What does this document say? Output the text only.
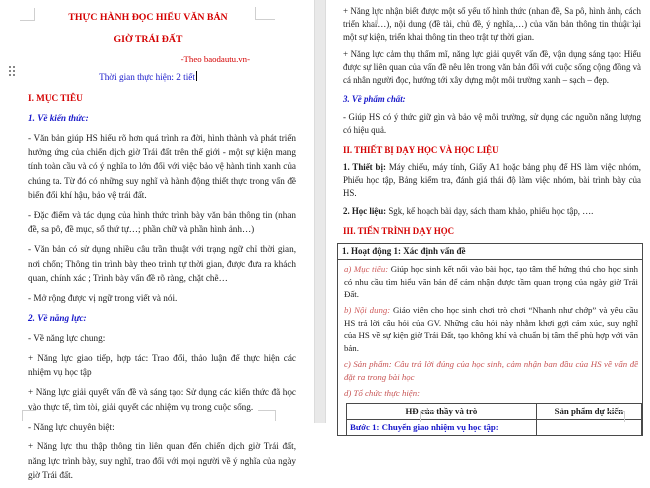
THỰC HÀNH ĐỌC HIỂU VĂN BẢN
GIỜ TRÁI ĐẤT
-Theo baodautu.vn-
Thời gian thực hiện: 2 tiết
I. MỤC TIÊU
1. Về kiến thức:

- Văn bản giúp HS hiểu rõ hơn quá trình ra đời, hình thành và phát triển hưởng ứng của chiến dịch giờ Trái đất trên thế giới - một sự kiện mang tính toàn cầu và có ý nghĩa to lớn đối với việc bảo vệ hành tinh xanh của chúng ta. Từ đó có những suy nghĩ và hành động thiết thực trong vấn đề biến đổi khí hậu, bảo vệ trái đất.

- Đặc điểm và tác dụng của hình thức trình bày văn bản thông tin (nhan đề, sa pô, đề mục, số thứ tự…; phần chữ và phần hình ảnh…)

- Văn bản có sử dụng nhiều câu trần thuật với trạng ngữ chỉ thời gian, nơi chốn; Thông tin trình bày theo trình tự thời gian, được đưa ra khách quan, chính xác ; Trình bày vấn đề rõ ràng, chặt chẽ…

- Mở rộng được vị ngữ trong viết và nói.

2. Về năng lực:

- Về năng lực chung:

+ Năng lực giao tiếp, hợp tác: Trao đổi, thảo luận để thực hiện các nhiệm vụ học tập

+ Năng lực giải quyết vấn đề và sáng tạo: Sử dụng các kiến thức đã học vào thực tế, tìm tòi, giải quyết các nhiệm vụ trong cuộc sống.

- Năng lực chuyên biệt:

+ Năng lực thu thập thông tin liên quan đến chiến dịch giờ Trái đất, năng lực trình bày, suy nghĩ, trao đổi với mọi người về ý nghĩa của ngày giờ Trái đất.

+ Năng lực nhận biết được một số yếu tố hình thức (nhan đề, Sa pô, hình ảnh, cách triển khai…), nội dung (đề tài, chủ đề, ý nghĩa,…) của văn bản thông tin thuật lại một sự kiện, triển khai thông tin theo trật tự thời gian.

+ Năng lực cảm thụ thẩm mĩ, năng lực giải quyết vấn đề, vận dụng sáng tạo: Hiểu được sự liên quan của vấn đề nêu lên trong văn bản đối với cuộc sống cộng đồng và cá nhân người đọc, hướng tới xây dựng một môi trường xanh – sạch – đẹp.

3. Về phẩm chất:

- Giúp HS có ý thức giữ gìn và bảo vệ môi trường, sử dụng các nguồn năng lượng có hiệu quả.

II. THIẾT BỊ DẠY HỌC VÀ HỌC LIỆU

1. Thiết bị: Máy chiếu, máy tính, Giấy A1 hoặc bảng phụ để HS làm việc nhóm, Phiếu học tập, Bảng kiểm tra, đánh giá thái độ làm việc nhóm, bài trình bày của HS.

2. Học liệu: Sgk, kế hoạch bài dạy, sách tham khảo, phiếu học tập, ….

III. TIẾN TRÌNH DẠY HỌC
1. Hoạt động 1: Xác định vấn đề

a) Mục tiêu: Giúp học sinh kết nối vào bài học, tạo tâm thế hứng thú cho học sinh có nhu cầu tìm hiểu văn bản để cảm nhận được tầm quan trọng của ngày giờ Trái Đất.

b) Nội dung: Giáo viên cho học sinh chơi trò chơi “Nhanh như chớp” và yêu cầu HS trả lời câu hỏi của GV. Những câu hỏi này nhằm khơi gợi cảm xúc, suy nghĩ của HS về sự kiện giờ Trái Đất, tạo không khí và chuẩn bị tâm thế phù hợp với văn bản.

c) Sản phẩm: Câu trả lời đúng của học sinh, cảm nhận ban đầu của HS về vấn đề đặt ra trong bài học

d) Tổ chức thực hiện:

HĐ của thầy và trò	Sản phẩm dự kiến
Bước 1: Chuyển giao nhiệm vụ học tập:	
